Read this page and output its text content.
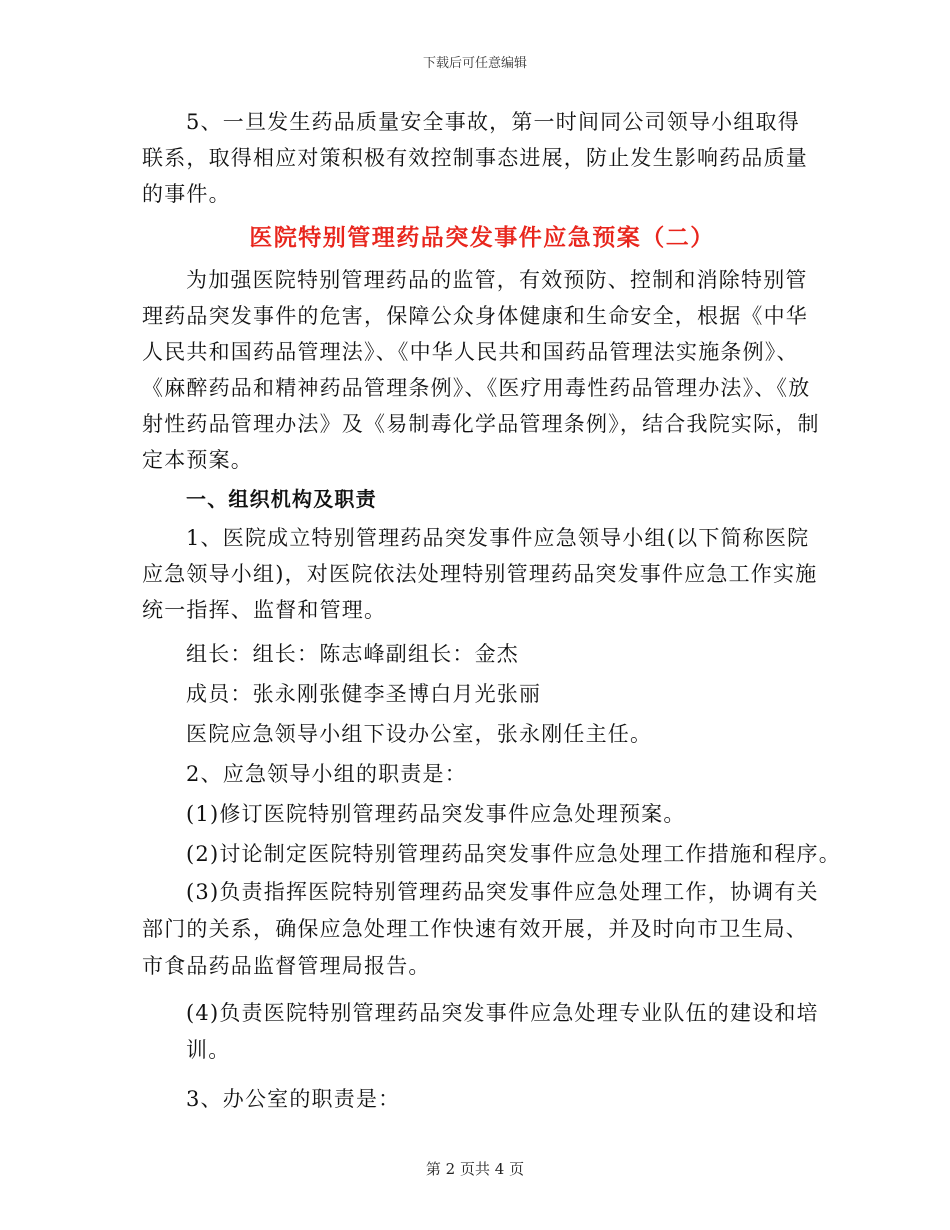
下载后可任意编辑

5、一旦发生药品质量安全事故，第一时间同公司领导小组取得联系，取得相应对策积极有效控制事态进展，防止发生影响药品质量的事件。

医院特别管理药品突发事件应急预案（二）

为加强医院特别管理药品的监管，有效预防、控制和消除特别管理药品突发事件的危害，保障公众身体健康和生命安全，根据《中华人民共和国药品管理法》、《中华人民共和国药品管理法实施条例》、《麻醉药品和精神药品管理条例》、《医疗用毒性药品管理办法》、《放射性药品管理办法》及《易制毒化学品管理条例》，结合我院实际，制定本预案。

一、组织机构及职责

1、医院成立特别管理药品突发事件应急领导小组(以下简称医院应急领导小组)，对医院依法处理特别管理药品突发事件应急工作实施统一指挥、监督和管理。

组长：组长：陈志峰副组长：金杰

成员：张永刚张健李圣博白月光张丽

医院应急领导小组下设办公室，张永刚任主任。

2、应急领导小组的职责是：

(1)修订医院特别管理药品突发事件应急处理预案。

(2)讨论制定医院特别管理药品突发事件应急处理工作措施和程序。

(3)负责指挥医院特别管理药品突发事件应急处理工作，协调有关部门的关系，确保应急处理工作快速有效开展，并及时向市卫生局、市食品药品监督管理局报告。

(4)负责医院特别管理药品突发事件应急处理专业队伍的建设和培训。

3、办公室的职责是：

第 2 页共 4 页
